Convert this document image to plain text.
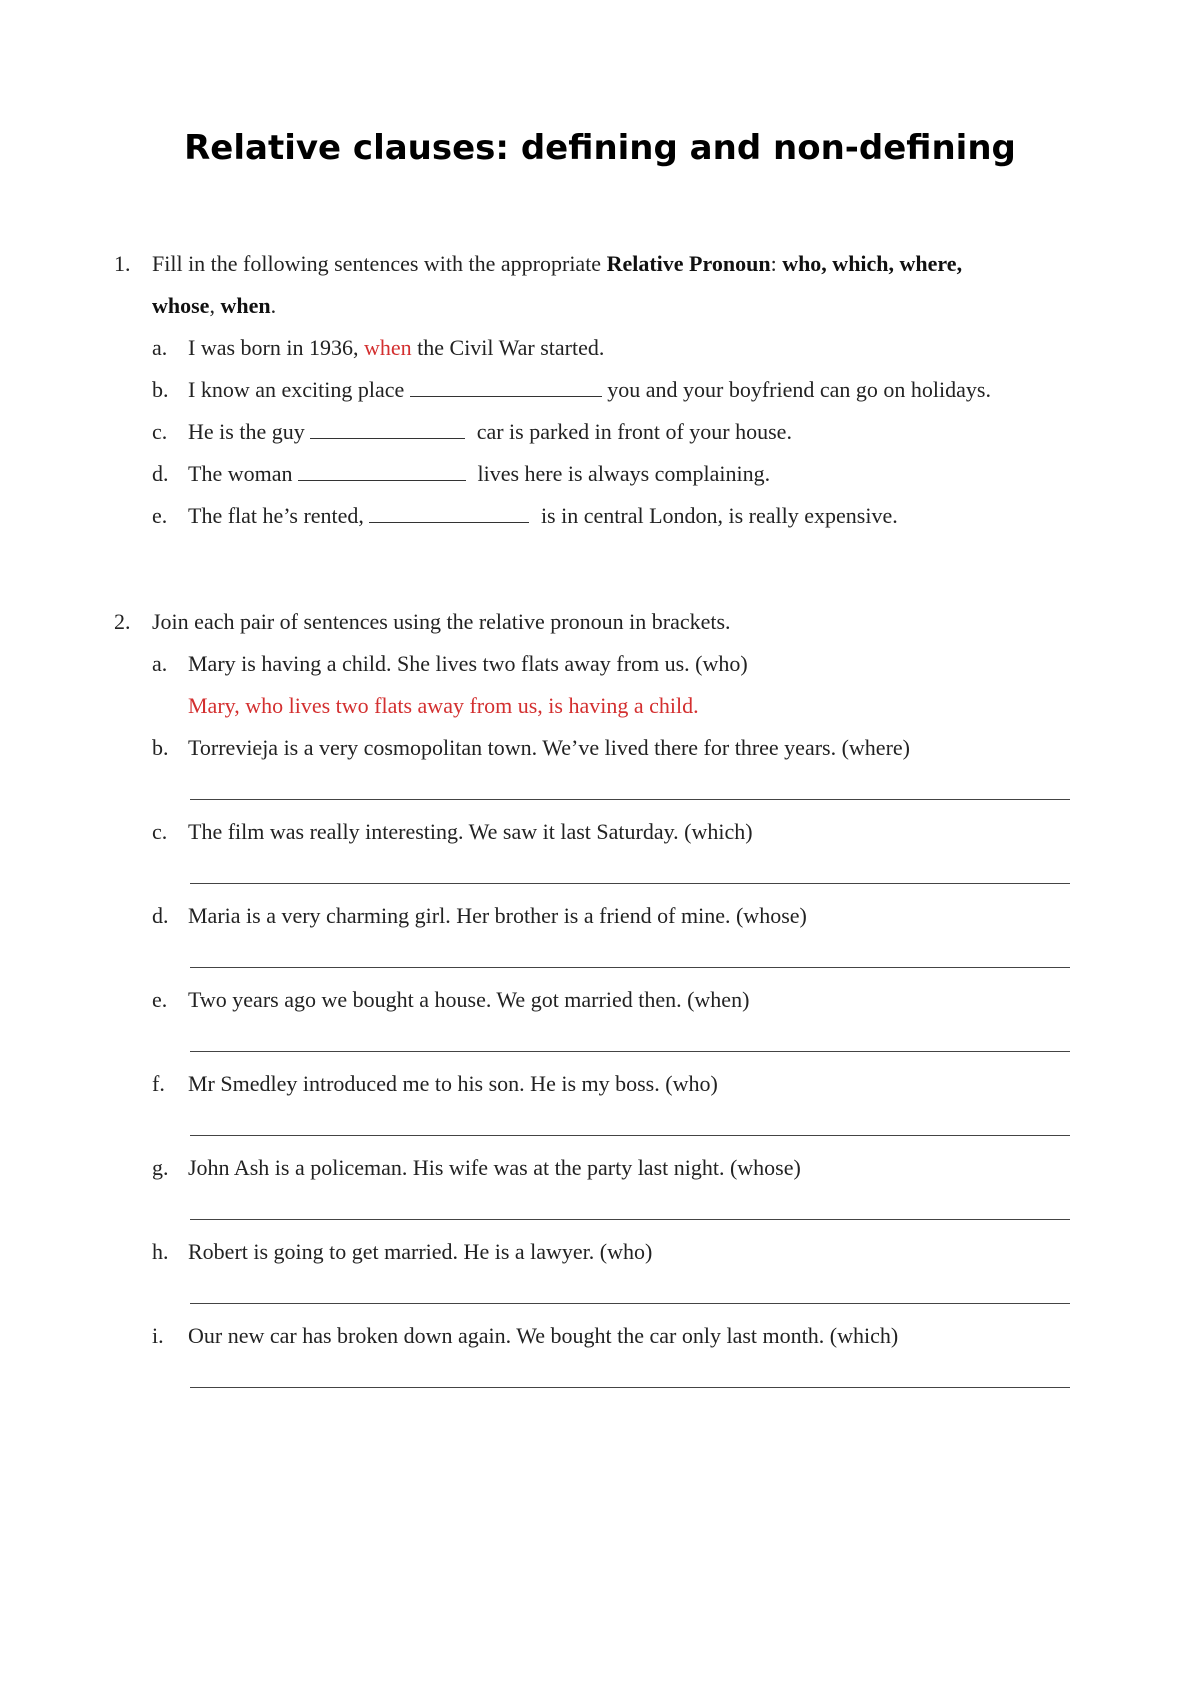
Relative clauses: defining and non-defining
1. Fill in the following sentences with the appropriate Relative Pronoun: who, which, where,
whose, when.
a. I was born in 1936, when the Civil War started.
b. I know an exciting place	you and your boyfriend can go on holidays.
c. He is the guy	car is parked in front of your house.
d. The woman	lives here is always complaining.
e. The flat he’s rented,	is in central London, is really expensive.
2. Join each pair of sentences using the relative pronoun in brackets.
a. Mary is having a child. She lives two flats away from us. (who)
Mary, who lives two flats away from us, is having a child.
b. Torrevieja is a very cosmopolitan town. We’ve lived there for three years. (where)
c. The film was really interesting. We saw it last Saturday. (which)
d. Maria is a very charming girl. Her brother is a friend of mine. (whose)
e. Two years ago we bought a house. We got married then. (when)
f. Mr Smedley introduced me to his son. He is my boss. (who)
g. John Ash is a policeman. His wife was at the party last night. (whose)
h. Robert is going to get married. He is a lawyer. (who)
i. Our new car has broken down again. We bought the car only last month. (which)
